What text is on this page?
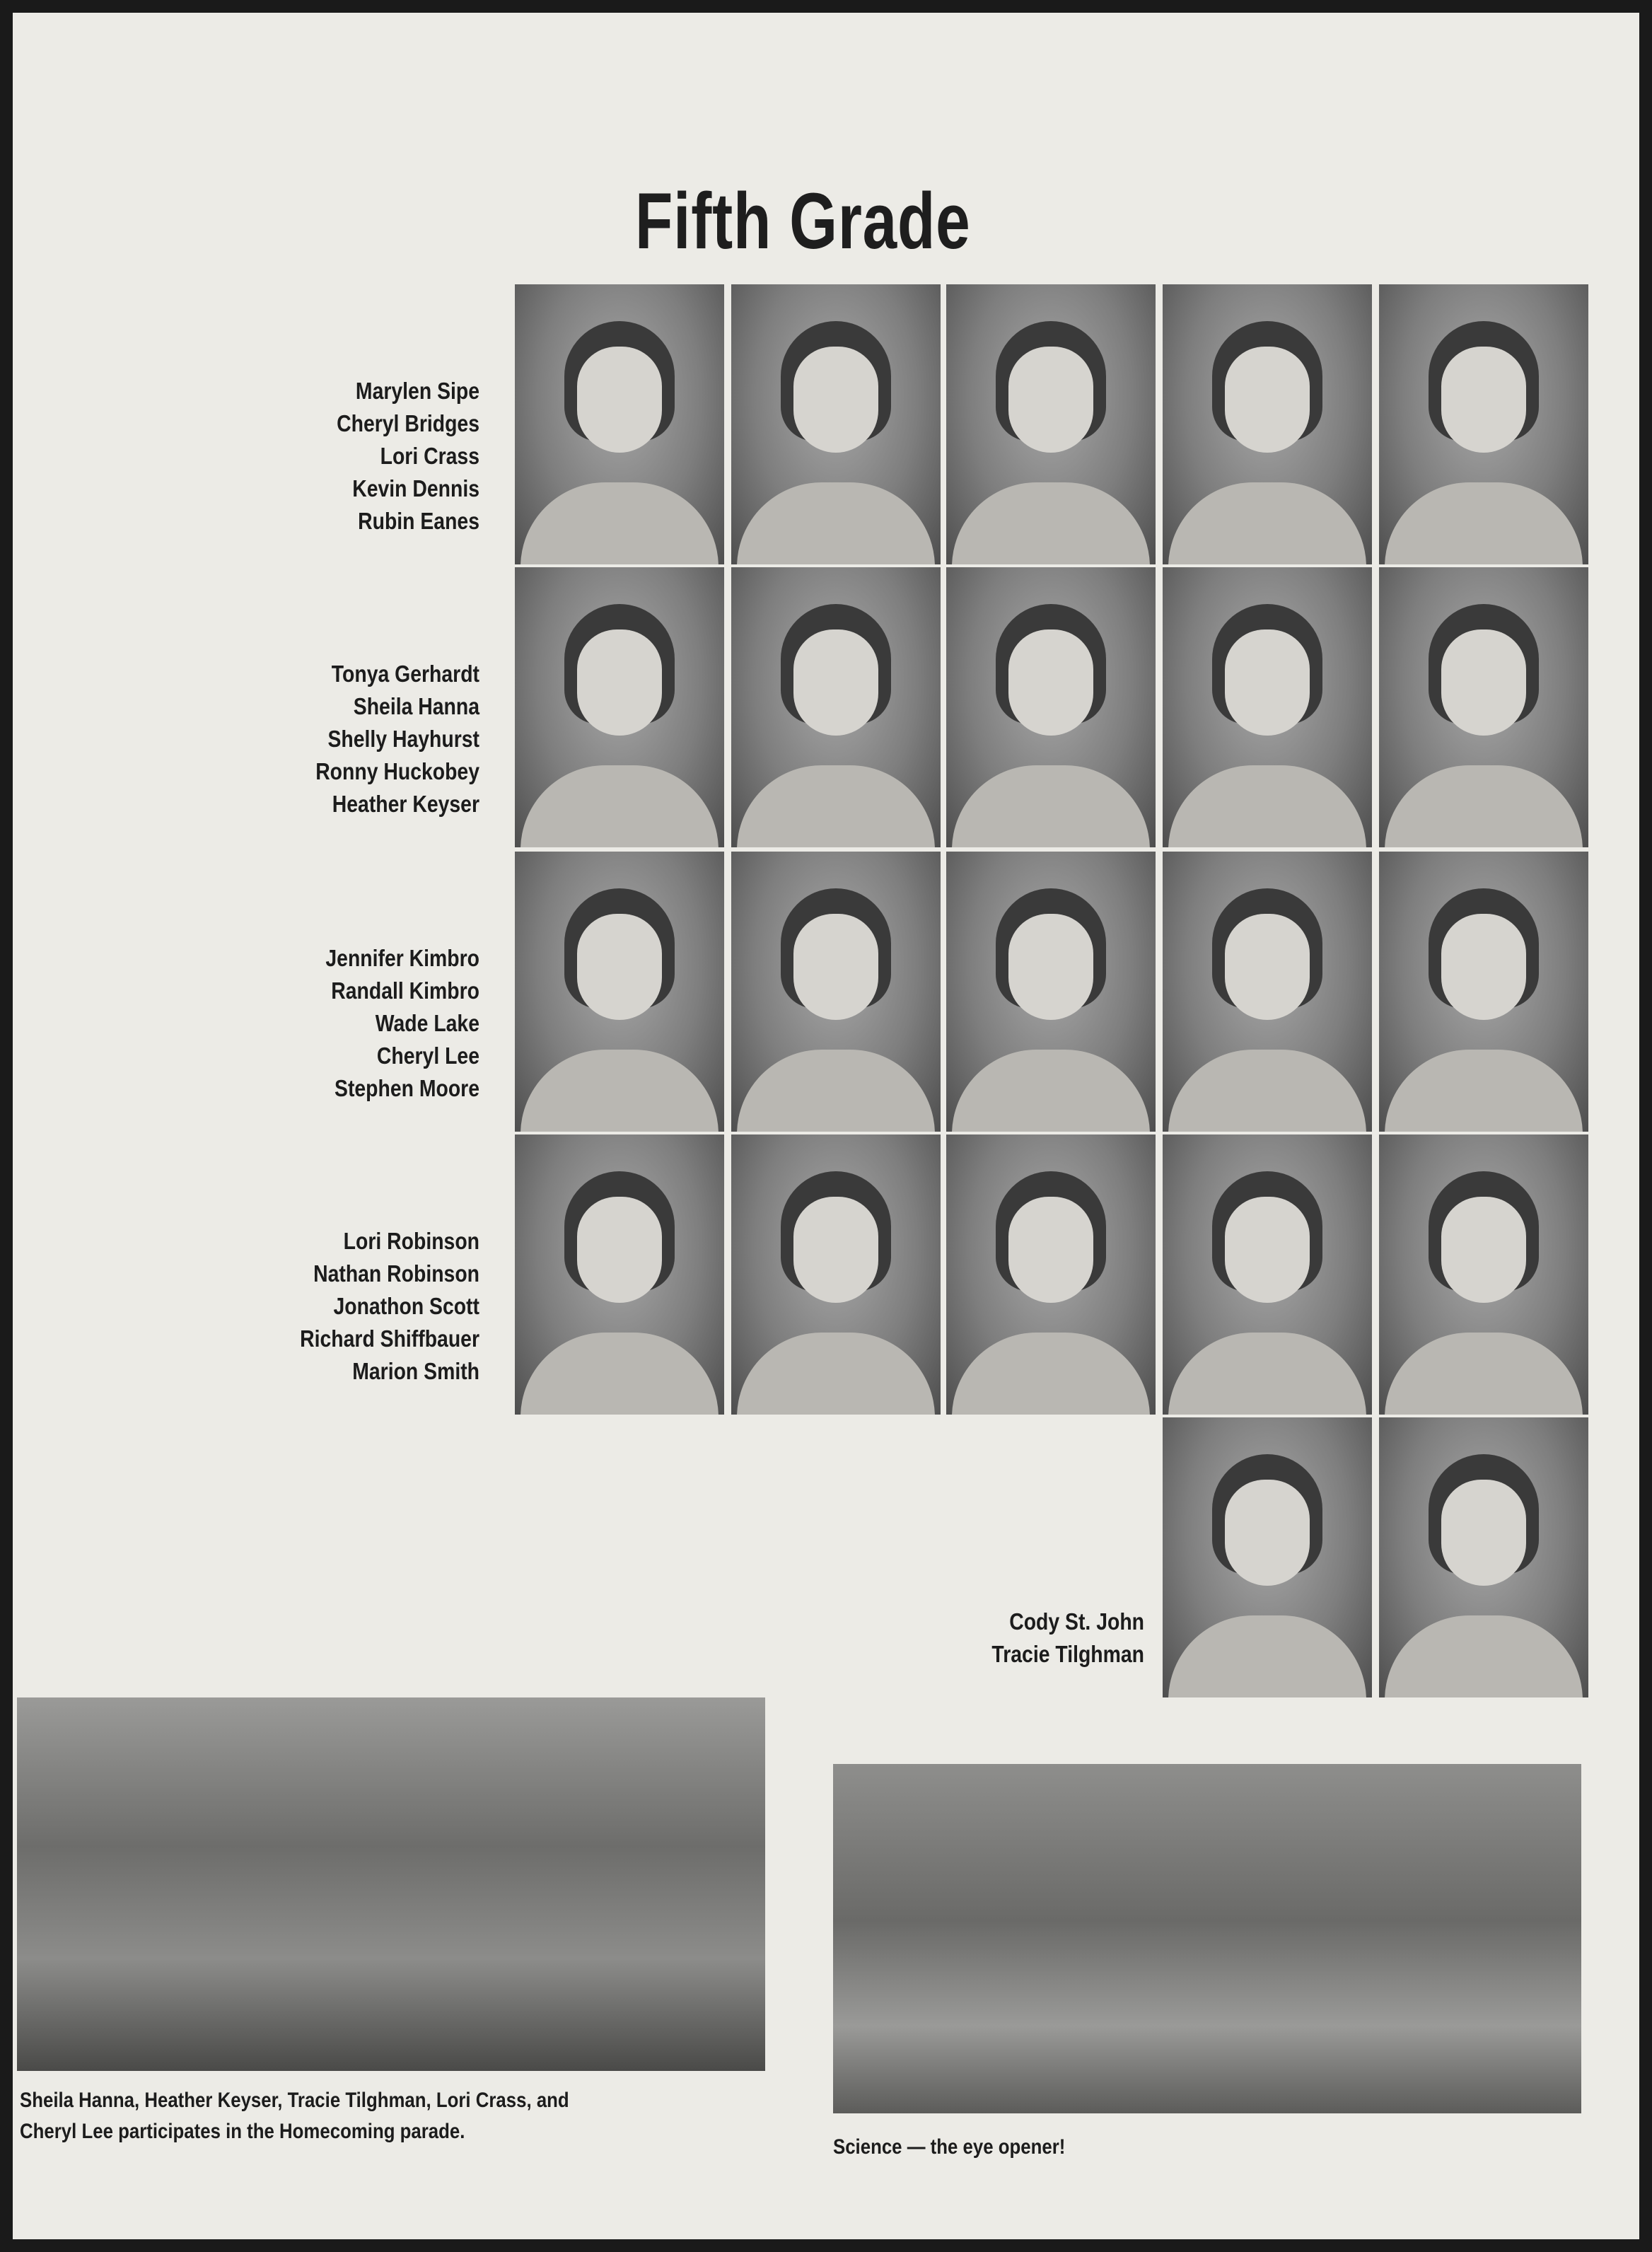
Fifth Grade
Marylen Sipe
Cheryl Bridges
Lori Crass
Kevin Dennis
Rubin Eanes
Tonya Gerhardt
Sheila Hanna
Shelly Hayhurst
Ronny Huckobey
Heather Keyser
Jennifer Kimbro
Randall Kimbro
Wade Lake
Cheryl Lee
Stephen Moore
Lori Robinson
Nathan Robinson
Jonathon Scott
Richard Shiffbauer
Marion Smith
Cody St. John
Tracie Tilghman
Sheila Hanna, Heather Keyser, Tracie Tilghman, Lori Crass, and
Cheryl Lee participates in the Homecoming parade.
Science — the eye opener!
